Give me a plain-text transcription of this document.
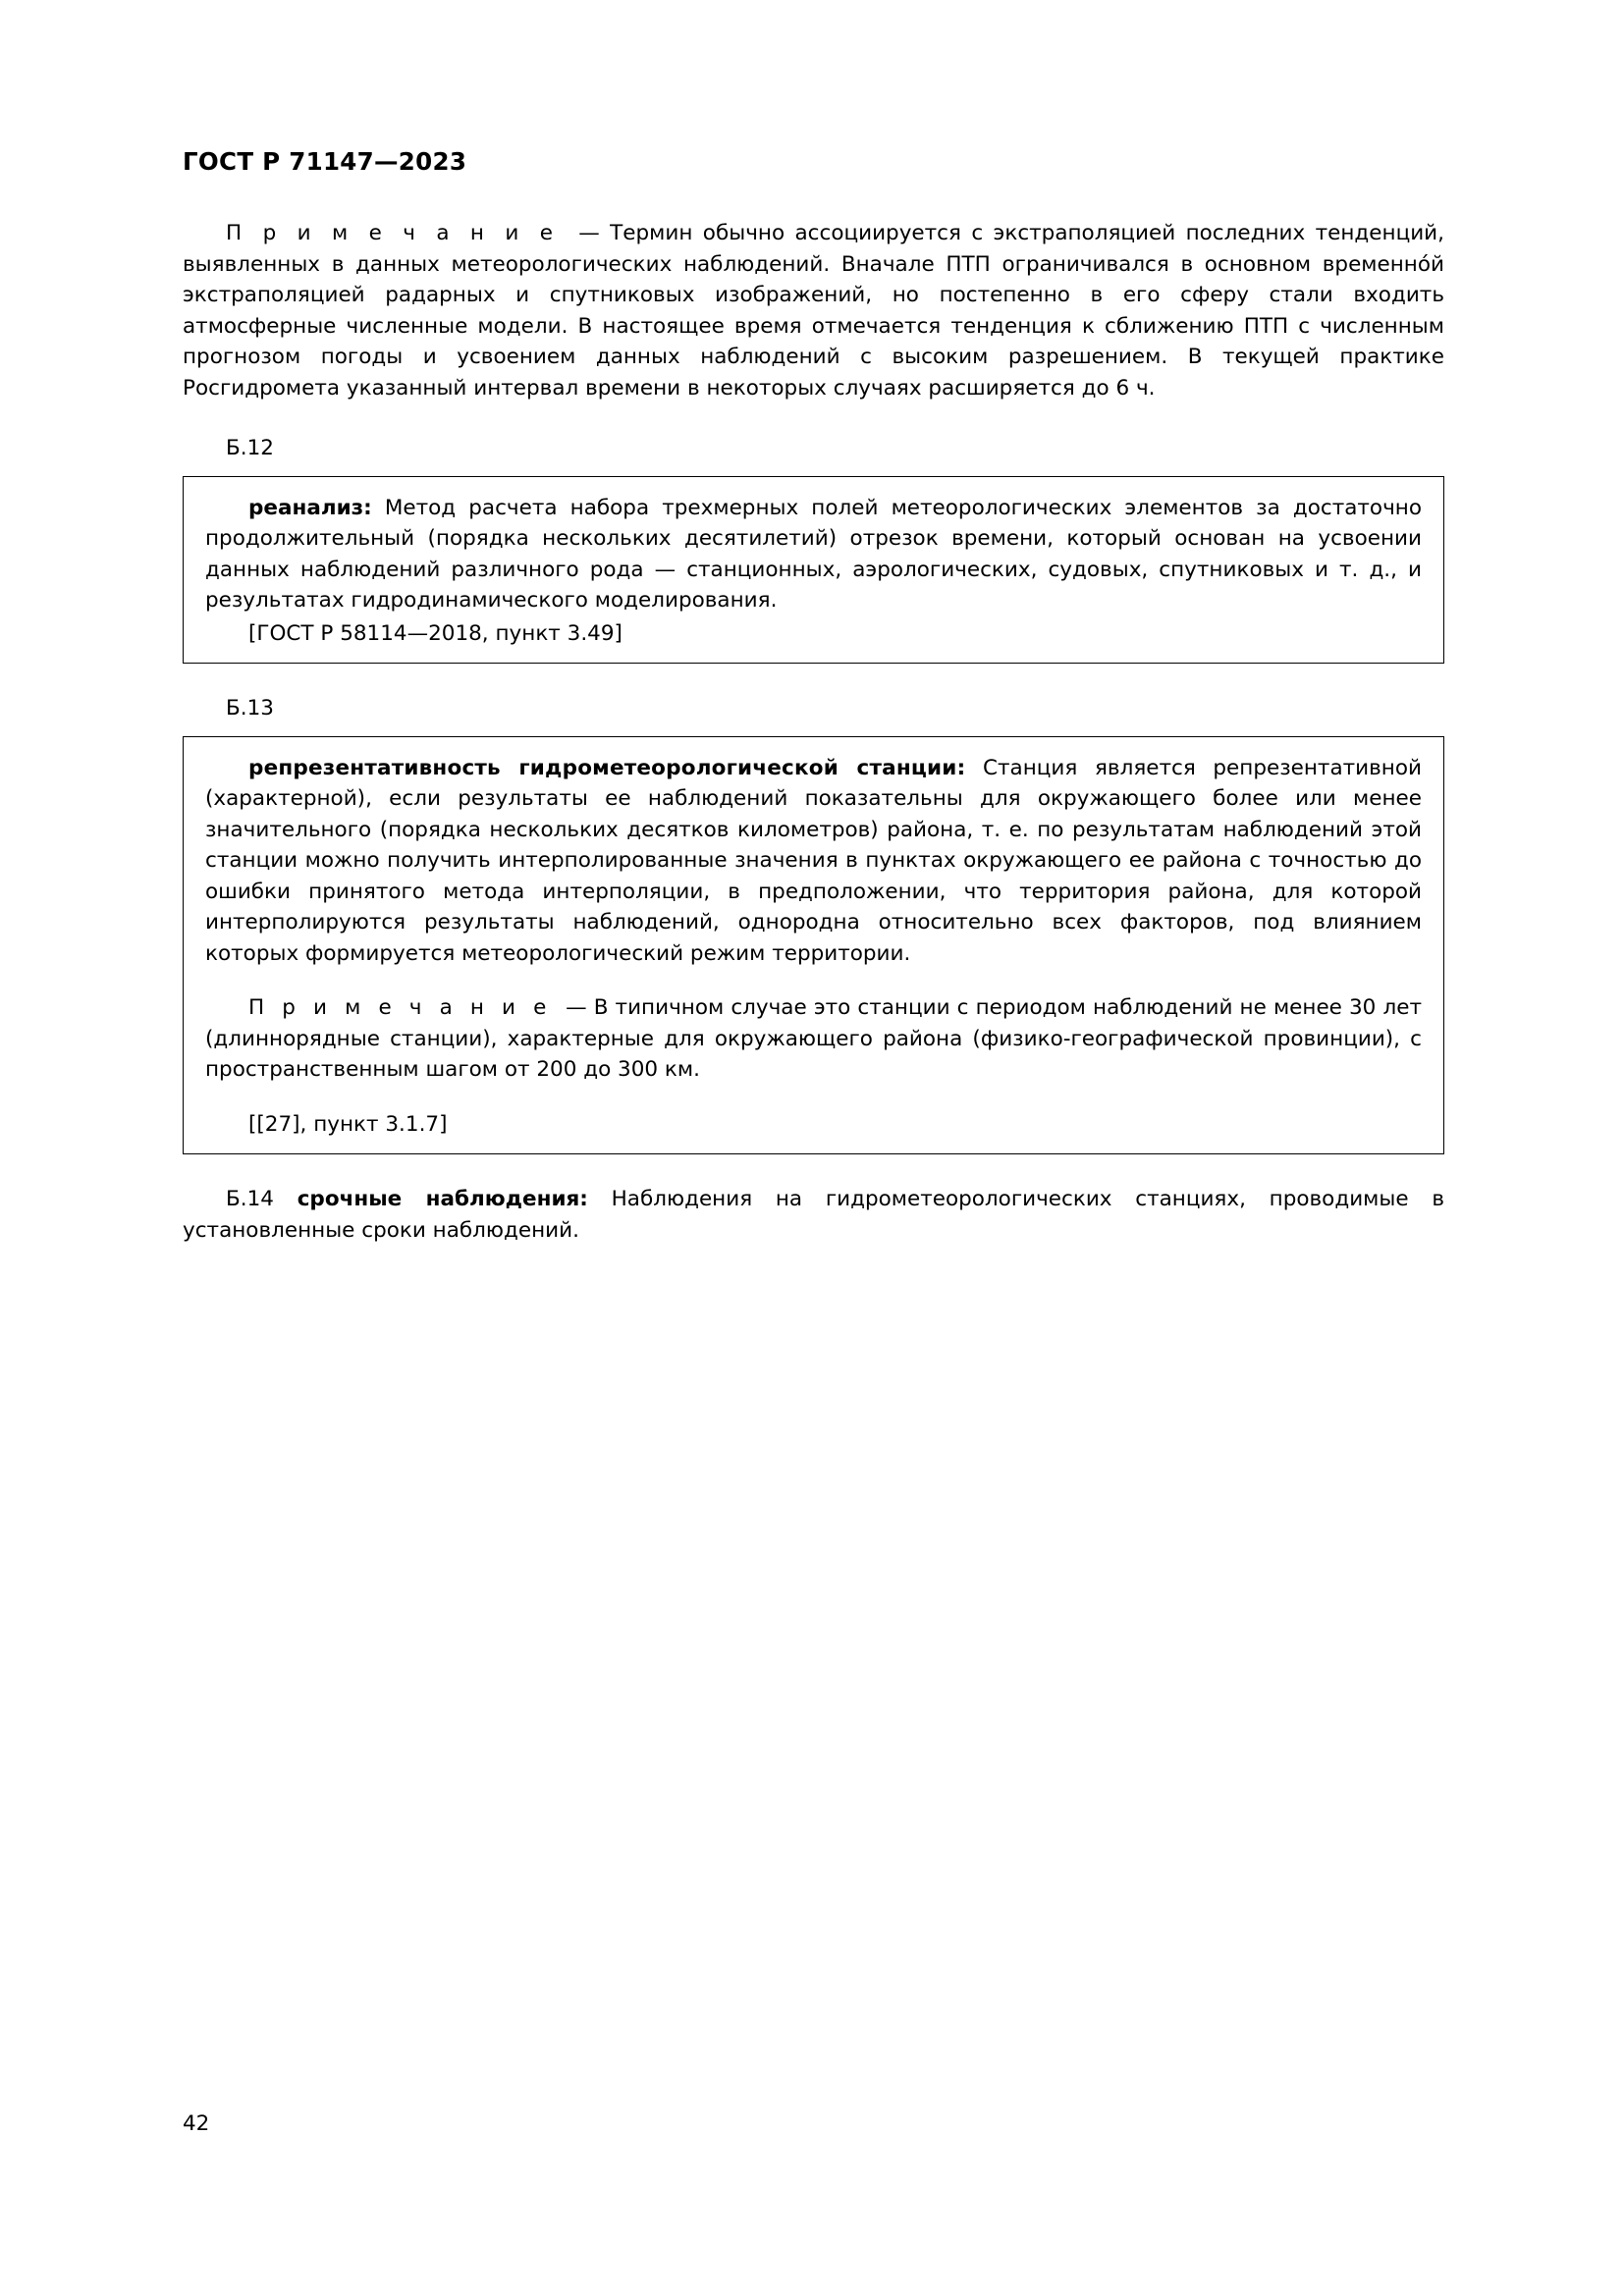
ГОСТ Р 71147—2023

П р и м е ч а н и е — Термин обычно ассоциируется с экстраполяцией последних тенденций, выявленных в данных метеорологических наблюдений. Вначале ПТП ограничивался в основном временно́й экстраполяцией радарных и спутниковых изображений, но постепенно в его сферу стали входить атмосферные численные модели. В настоящее время отмечается тенденция к сближению ПТП с численным прогнозом погоды и усвоением данных наблюдений с высоким разрешением. В текущей практике Росгидромета указанный интервал времени в некоторых случаях расширяется до 6 ч.

Б.12

реанализ: Метод расчета набора трехмерных полей метеорологических элементов за достаточно продолжительный (порядка нескольких десятилетий) отрезок времени, который основан на усвоении данных наблюдений различного рода — станционных, аэрологических, судовых, спутниковых и т. д., и результатах гидродинамического моделирования.

[ГОСТ Р 58114—2018, пункт 3.49]

Б.13

репрезентативность гидрометеорологической станции: Станция является репрезентативной (характерной), если результаты ее наблюдений показательны для окружающего более или менее значительного (порядка нескольких десятков километров) района, т. е. по результатам наблюдений этой станции можно получить интерполированные значения в пунктах окружающего ее района с точностью до ошибки принятого метода интерполяции, в предположении, что территория района, для которой интерполируются результаты наблюдений, однородна относительно всех факторов, под влиянием которых формируется метеорологический режим территории.

П р и м е ч а н и е — В типичном случае это станции с периодом наблюдений не менее 30 лет (длиннорядные станции), характерные для окружающего района (физико-географической провинции), с пространственным шагом от 200 до 300 км.

[[27], пункт 3.1.7]

Б.14 срочные наблюдения: Наблюдения на гидрометеорологических станциях, проводимые в установленные сроки наблюдений.

42
